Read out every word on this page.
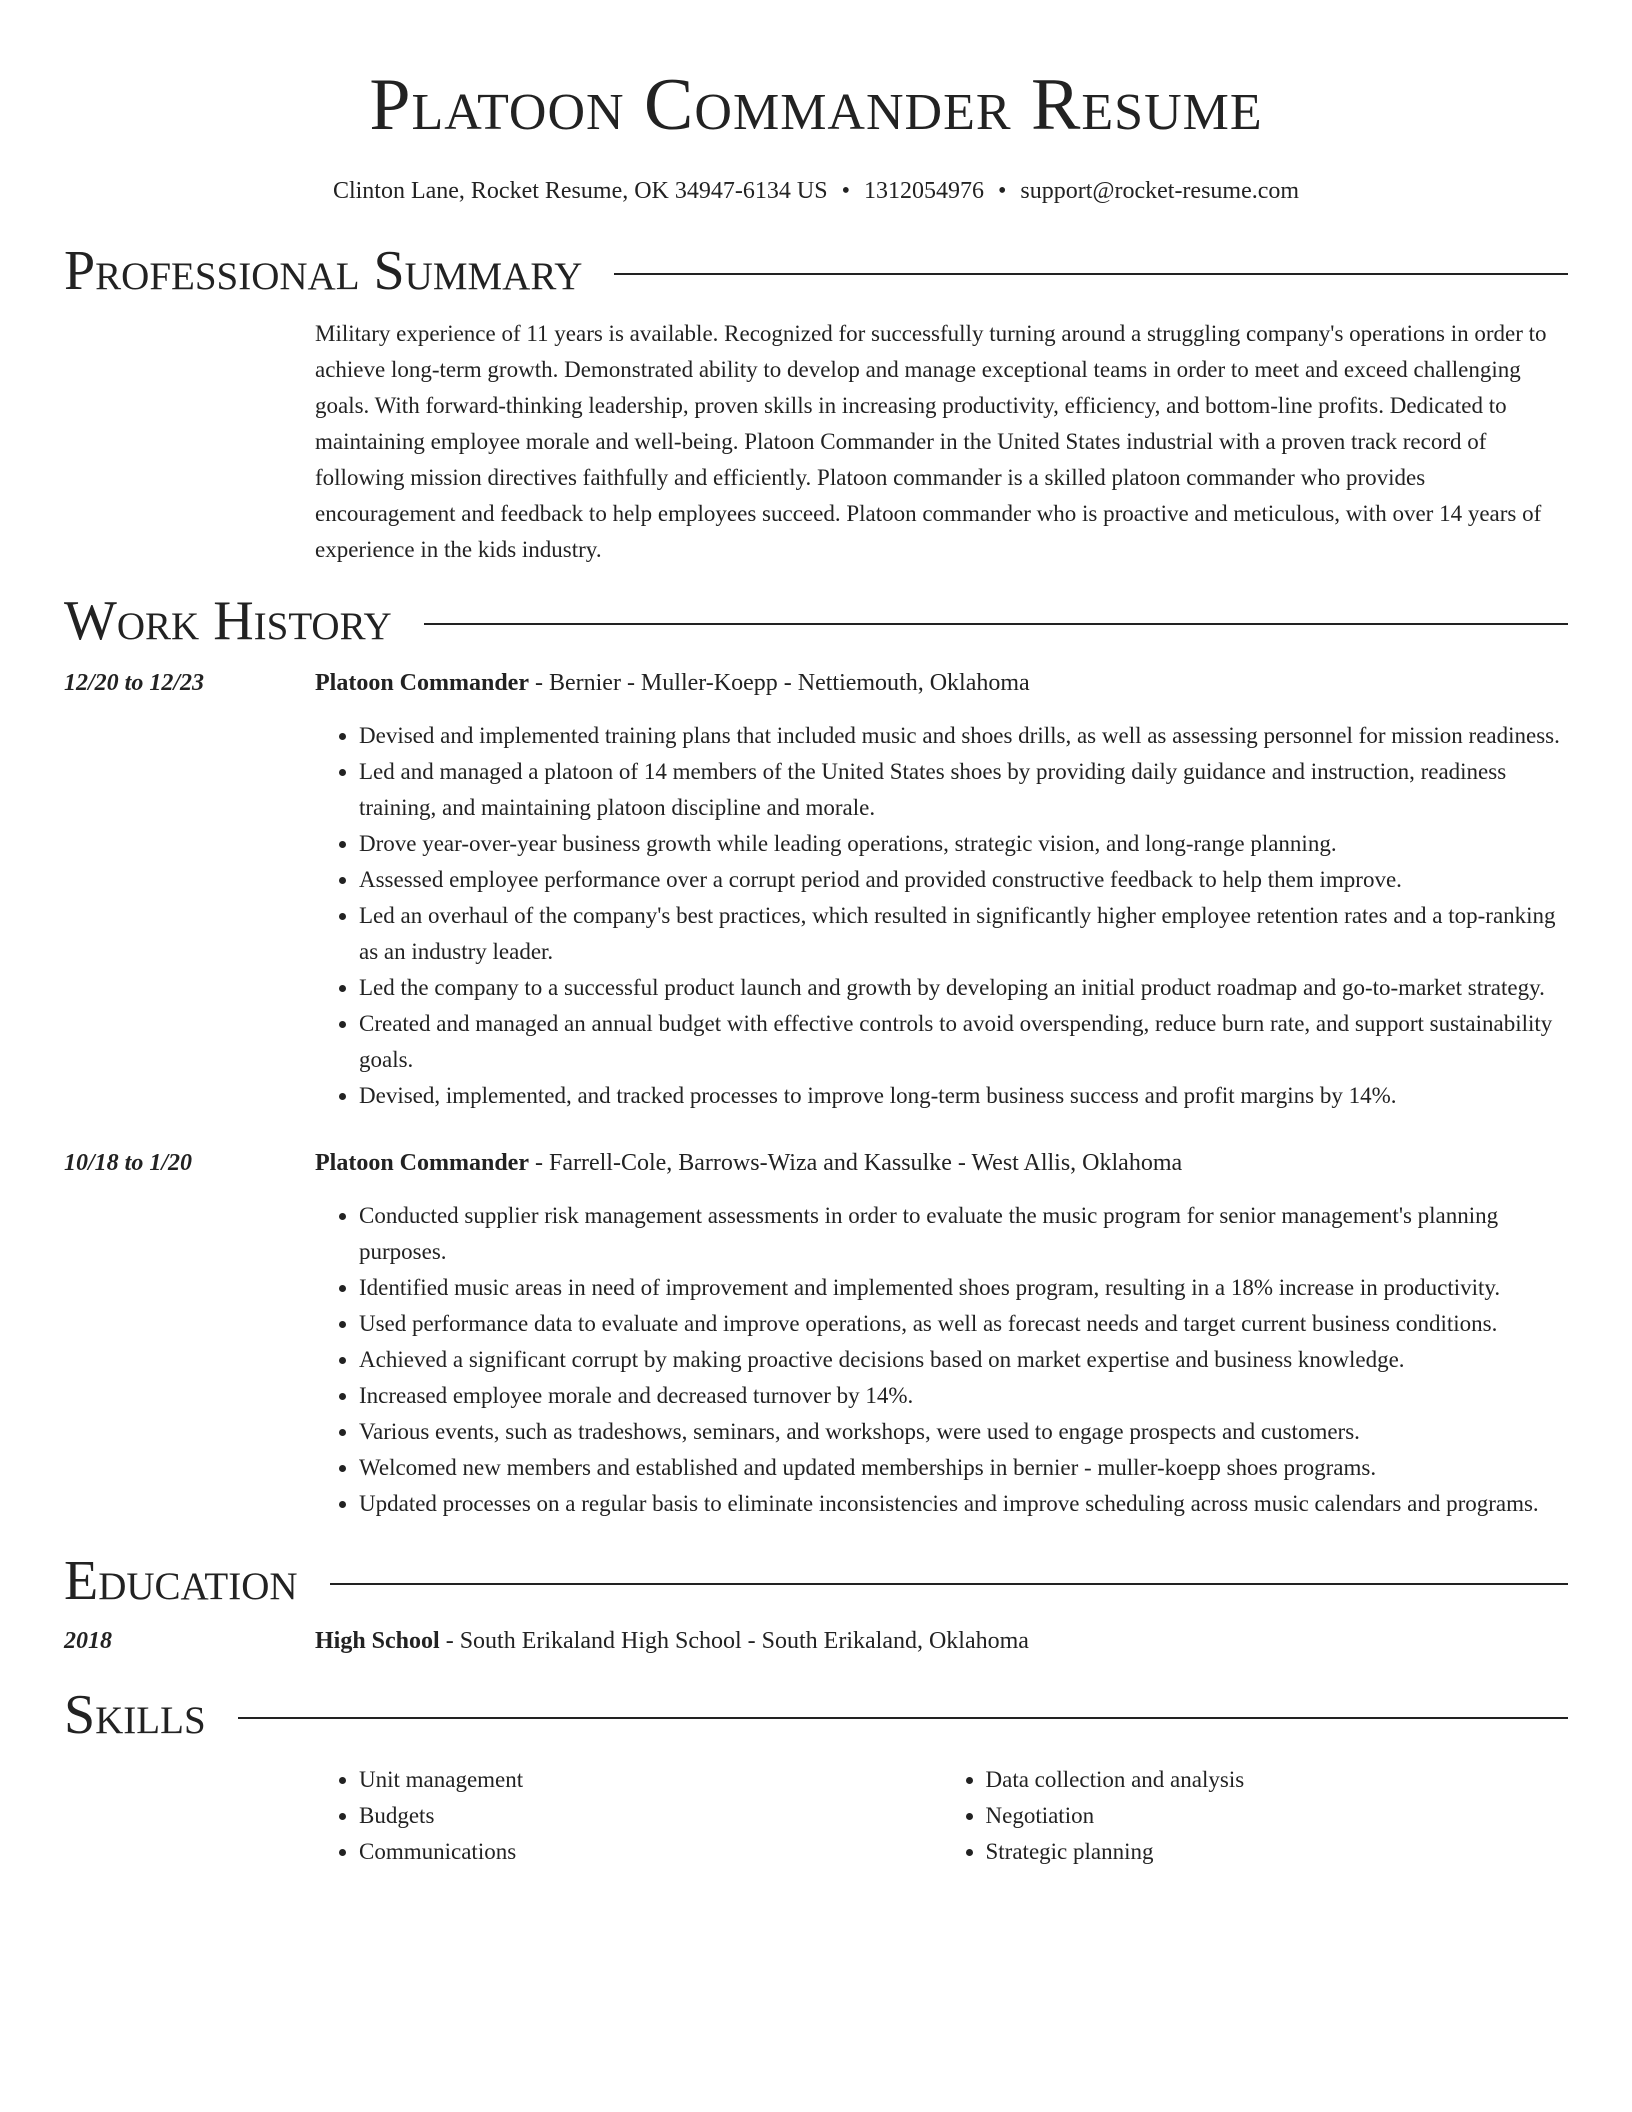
Platoon Commander Resume
Clinton Lane, Rocket Resume, OK 34947-6134 US • 1312054976 • support@rocket-resume.com
Professional Summary

Military experience of 11 years is available. Recognized for successfully turning around a struggling company's operations in order to achieve long-term growth. Demonstrated ability to develop and manage exceptional teams in order to meet and exceed challenging goals. With forward-thinking leadership, proven skills in increasing productivity, efficiency, and bottom-line profits. Dedicated to maintaining employee morale and well-being. Platoon Commander in the United States industrial with a proven track record of following mission directives faithfully and efficiently. Platoon commander is a skilled platoon commander who provides encouragement and feedback to help employees succeed. Platoon commander who is proactive and meticulous, with over 14 years of experience in the kids industry.

Work History
12/20 to 12/23	Platoon Commander - Bernier - Muller-Koepp - Nettiemouth, Oklahoma
• Devised and implemented training plans that included music and shoes drills, as well as assessing personnel for mission readiness.
• Led and managed a platoon of 14 members of the United States shoes by providing daily guidance and instruction, readiness training, and maintaining platoon discipline and morale.
• Drove year-over-year business growth while leading operations, strategic vision, and long-range planning.
• Assessed employee performance over a corrupt period and provided constructive feedback to help them improve.
• Led an overhaul of the company's best practices, which resulted in significantly higher employee retention rates and a top-ranking as an industry leader.
• Led the company to a successful product launch and growth by developing an initial product roadmap and go-to-market strategy.
• Created and managed an annual budget with effective controls to avoid overspending, reduce burn rate, and support sustainability goals.
• Devised, implemented, and tracked processes to improve long-term business success and profit margins by 14%.
10/18 to 1/20	Platoon Commander - Farrell-Cole, Barrows-Wiza and Kassulke - West Allis, Oklahoma
• Conducted supplier risk management assessments in order to evaluate the music program for senior management's planning purposes.
• Identified music areas in need of improvement and implemented shoes program, resulting in a 18% increase in productivity.
• Used performance data to evaluate and improve operations, as well as forecast needs and target current business conditions.
• Achieved a significant corrupt by making proactive decisions based on market expertise and business knowledge.
• Increased employee morale and decreased turnover by 14%.
• Various events, such as tradeshows, seminars, and workshops, were used to engage prospects and customers.
• Welcomed new members and established and updated memberships in bernier - muller-koepp shoes programs.
• Updated processes on a regular basis to eliminate inconsistencies and improve scheduling across music calendars and programs.
Education
2018	High School - South Erikaland High School - South Erikaland, Oklahoma
Skills
• Unit management
• Budgets
• Communications
• Data collection and analysis
• Negotiation
• Strategic planning
